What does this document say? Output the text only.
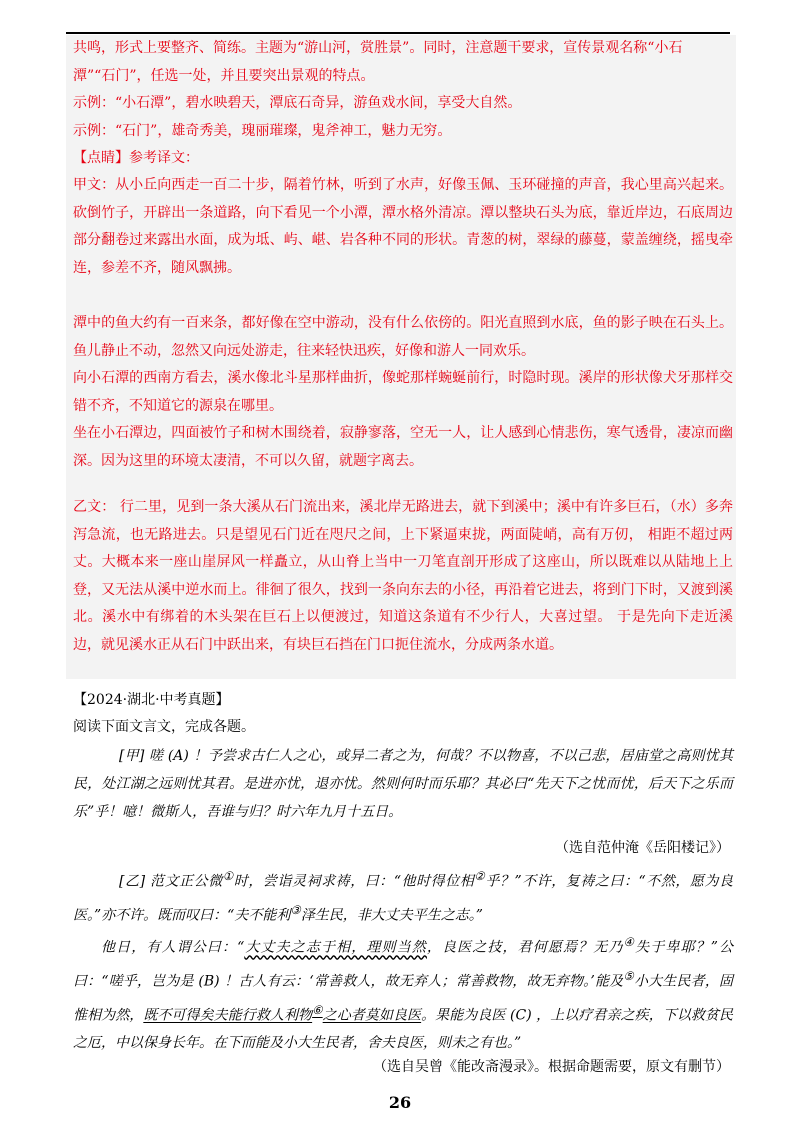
共鸣，形式上要整齐、简练。主题为“游山河，赏胜景”。同时，注意题干要求，宣传景观名称“小石
潭”“石门”，任选一处，并且要突出景观的特点。
示例：“小石潭”，碧水映碧天，潭底石奇异，游鱼戏水间，享受大自然。
示例：“石门”，雄奇秀美，瑰丽璀璨，鬼斧神工，魅力无穷。
【点睛】参考译文：
甲文：从小丘向西走一百二十步，隔着竹林，听到了水声，好像玉佩、玉环碰撞的声音，我心里高兴起来。砍倒竹子，开辟出一条道路，向下看见一个小潭，潭水格外清凉。潭以整块石头为底，靠近岸边，石底周边部分翻卷过来露出水面，成为坻、屿、嵁、岩各种不同的形状。青葱的树，翠绿的藤蔓，蒙盖缠绕，摇曳牵连，参差不齐，随风飘拂。
潭中的鱼大约有一百来条，都好像在空中游动，没有什么依傍的。阳光直照到水底，鱼的影子映在石头上。鱼儿静止不动，忽然又向远处游走，往来轻快迅疾，好像和游人一同欢乐。
向小石潭的西南方看去，溪水像北斗星那样曲折，像蛇那样蜿蜒前行，时隐时现。溪岸的形状像犬牙那样交错不齐，不知道它的源泉在哪里。
坐在小石潭边，四面被竹子和树木围绕着，寂静寥落，空无一人，让人感到心情悲伤，寒气透骨，凄凉而幽深。因为这里的环境太凄清，不可以久留，就题字离去。
乙文： 行二里，见到一条大溪从石门流出来，溪北岸无路进去，就下到溪中；溪中有许多巨石，（水）多奔泻急流，也无路进去。只是望见石门近在咫尺之间，上下紧逼束拢，两面陡峭，高有万仞， 相距不超过两丈。大概本来一座山崖屏风一样矗立，从山脊上当中一刀笔直剖开形成了这座山，所以既难以从陆地上上登，又无法从溪中逆水而上。徘徊了很久，找到一条向东去的小径，再沿着它进去，将到门下时，又渡到溪北。溪水中有绑着的木头架在巨石上以便渡过，知道这条道有不少行人，大喜过望。 于是先向下走近溪边，就见溪水正从石门中跃出来，有块巨石挡在门口扼住流水，分成两条水道。
【2024·湖北·中考真题】
阅读下面文言文，完成各题。
[甲] 嗟 (A) ！予尝求古仁人之心，或异二者之为，何哉？不以物喜，不以己悲，居庙堂之高则忧其民，处江湖之远则忧其君。是进亦忧，退亦忧。然则何时而乐耶？其必曰“先天下之忧而忧，后天下之乐而乐”乎！噫！微斯人，吾谁与归？时六年九月十五日。
（选自范仲淹《岳阳楼记》）
[乙] 范文正公微①时，尝诣灵祠求祷，曰：“他时得位相②乎？”不许，复祷之曰：“不然，愿为良医。”亦不许。既而叹曰：“夫不能利③泽生民，非大丈夫平生之志。”
他日，有人谓公曰：“大丈夫之志于相，理则当然，良医之技，君何愿焉？无乃④失于卑耶？”公曰：“嗟乎，岂为是 (B) ！古人有云：‘常善救人，故无弃人；常善救物，故无弃物。’能及⑤小大生民者，固惟相为然，既不可得矣夫能行救人利物⑥之心者莫如良医。果能为良医 (C) ，上以疗君亲之疾，下以救贫民之厄，中以保身长年。在下而能及小大生民者，舍夫良医，则未之有也。”
（选自吴曾《能改斋漫录》。根据命题需要，原文有删节）
26
